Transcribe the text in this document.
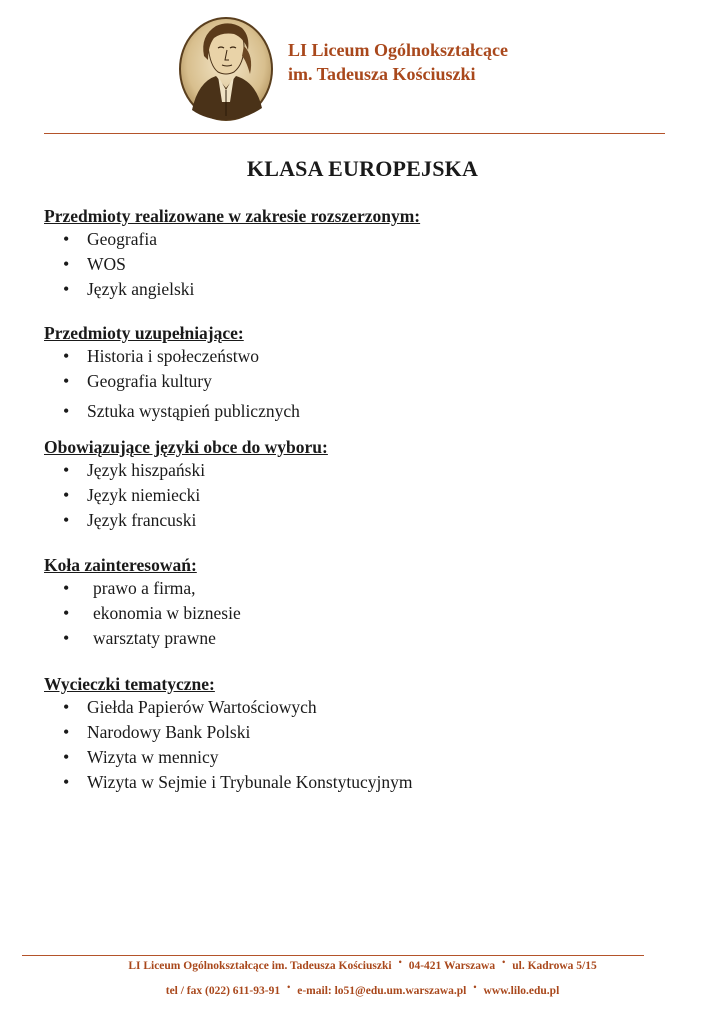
LI Liceum Ogólnokształcące
im. Tadeusza Kościuszki
KLASA EUROPEJSKA
Przedmioty realizowane w zakresie rozszerzonym:
• Geografia
• WOS
• Język angielski
Przedmioty uzupełniające:
• Historia i społeczeństwo
• Geografia kultury
• Sztuka wystąpień publicznych
Obowiązujące języki obce do wyboru:
• Język hiszpański
• Język niemiecki
• Język francuski
Koła zainteresowań:
• prawo a firma,
• ekonomia w biznesie
• warsztaty prawne
Wycieczki tematyczne:
• Giełda Papierów Wartościowych
• Narodowy Bank Polski
• Wizyta w mennicy
• Wizyta w Sejmie i Trybunale Konstytucyjnym
LI Liceum Ogólnokształcące im. Tadeusza Kościuszki • 04-421 Warszawa • ul. Kadrowa 5/15
tel / fax (022) 611-93-91 • e-mail: lo51@edu.um.warszawa.pl • www.lilo.edu.pl
